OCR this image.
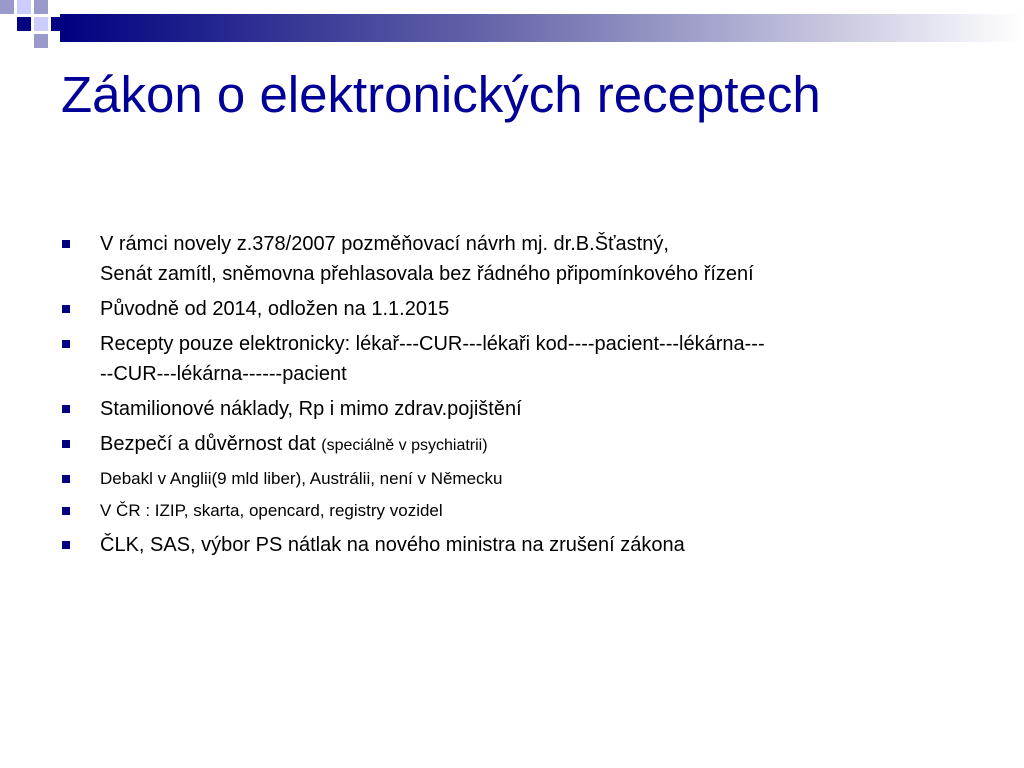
Zákon o elektronických receptech
V rámci novely z.378/2007 pozměňovací návrh mj. dr.B.Šťastný,
Senát zamítl, sněmovna přehlasovala bez řádného připomínkového řízení
Původně od 2014, odložen na 1.1.2015
Recepty pouze elektronicky: lékař---CUR---lékaři kod----pacient---lékárna---
--CUR---lékárna------pacient
Stamilionové náklady, Rp i mimo zdrav.pojištění
Bezpečí a důvěrnost dat (speciálně v psychiatrii)
Debakl v Anglii(9 mld liber), Austrálii, není v Německu
V ČR : IZIP, skarta, opencard, registry vozidel
ČLK, SAS, výbor PS nátlak na nového ministra na zrušení zákona
